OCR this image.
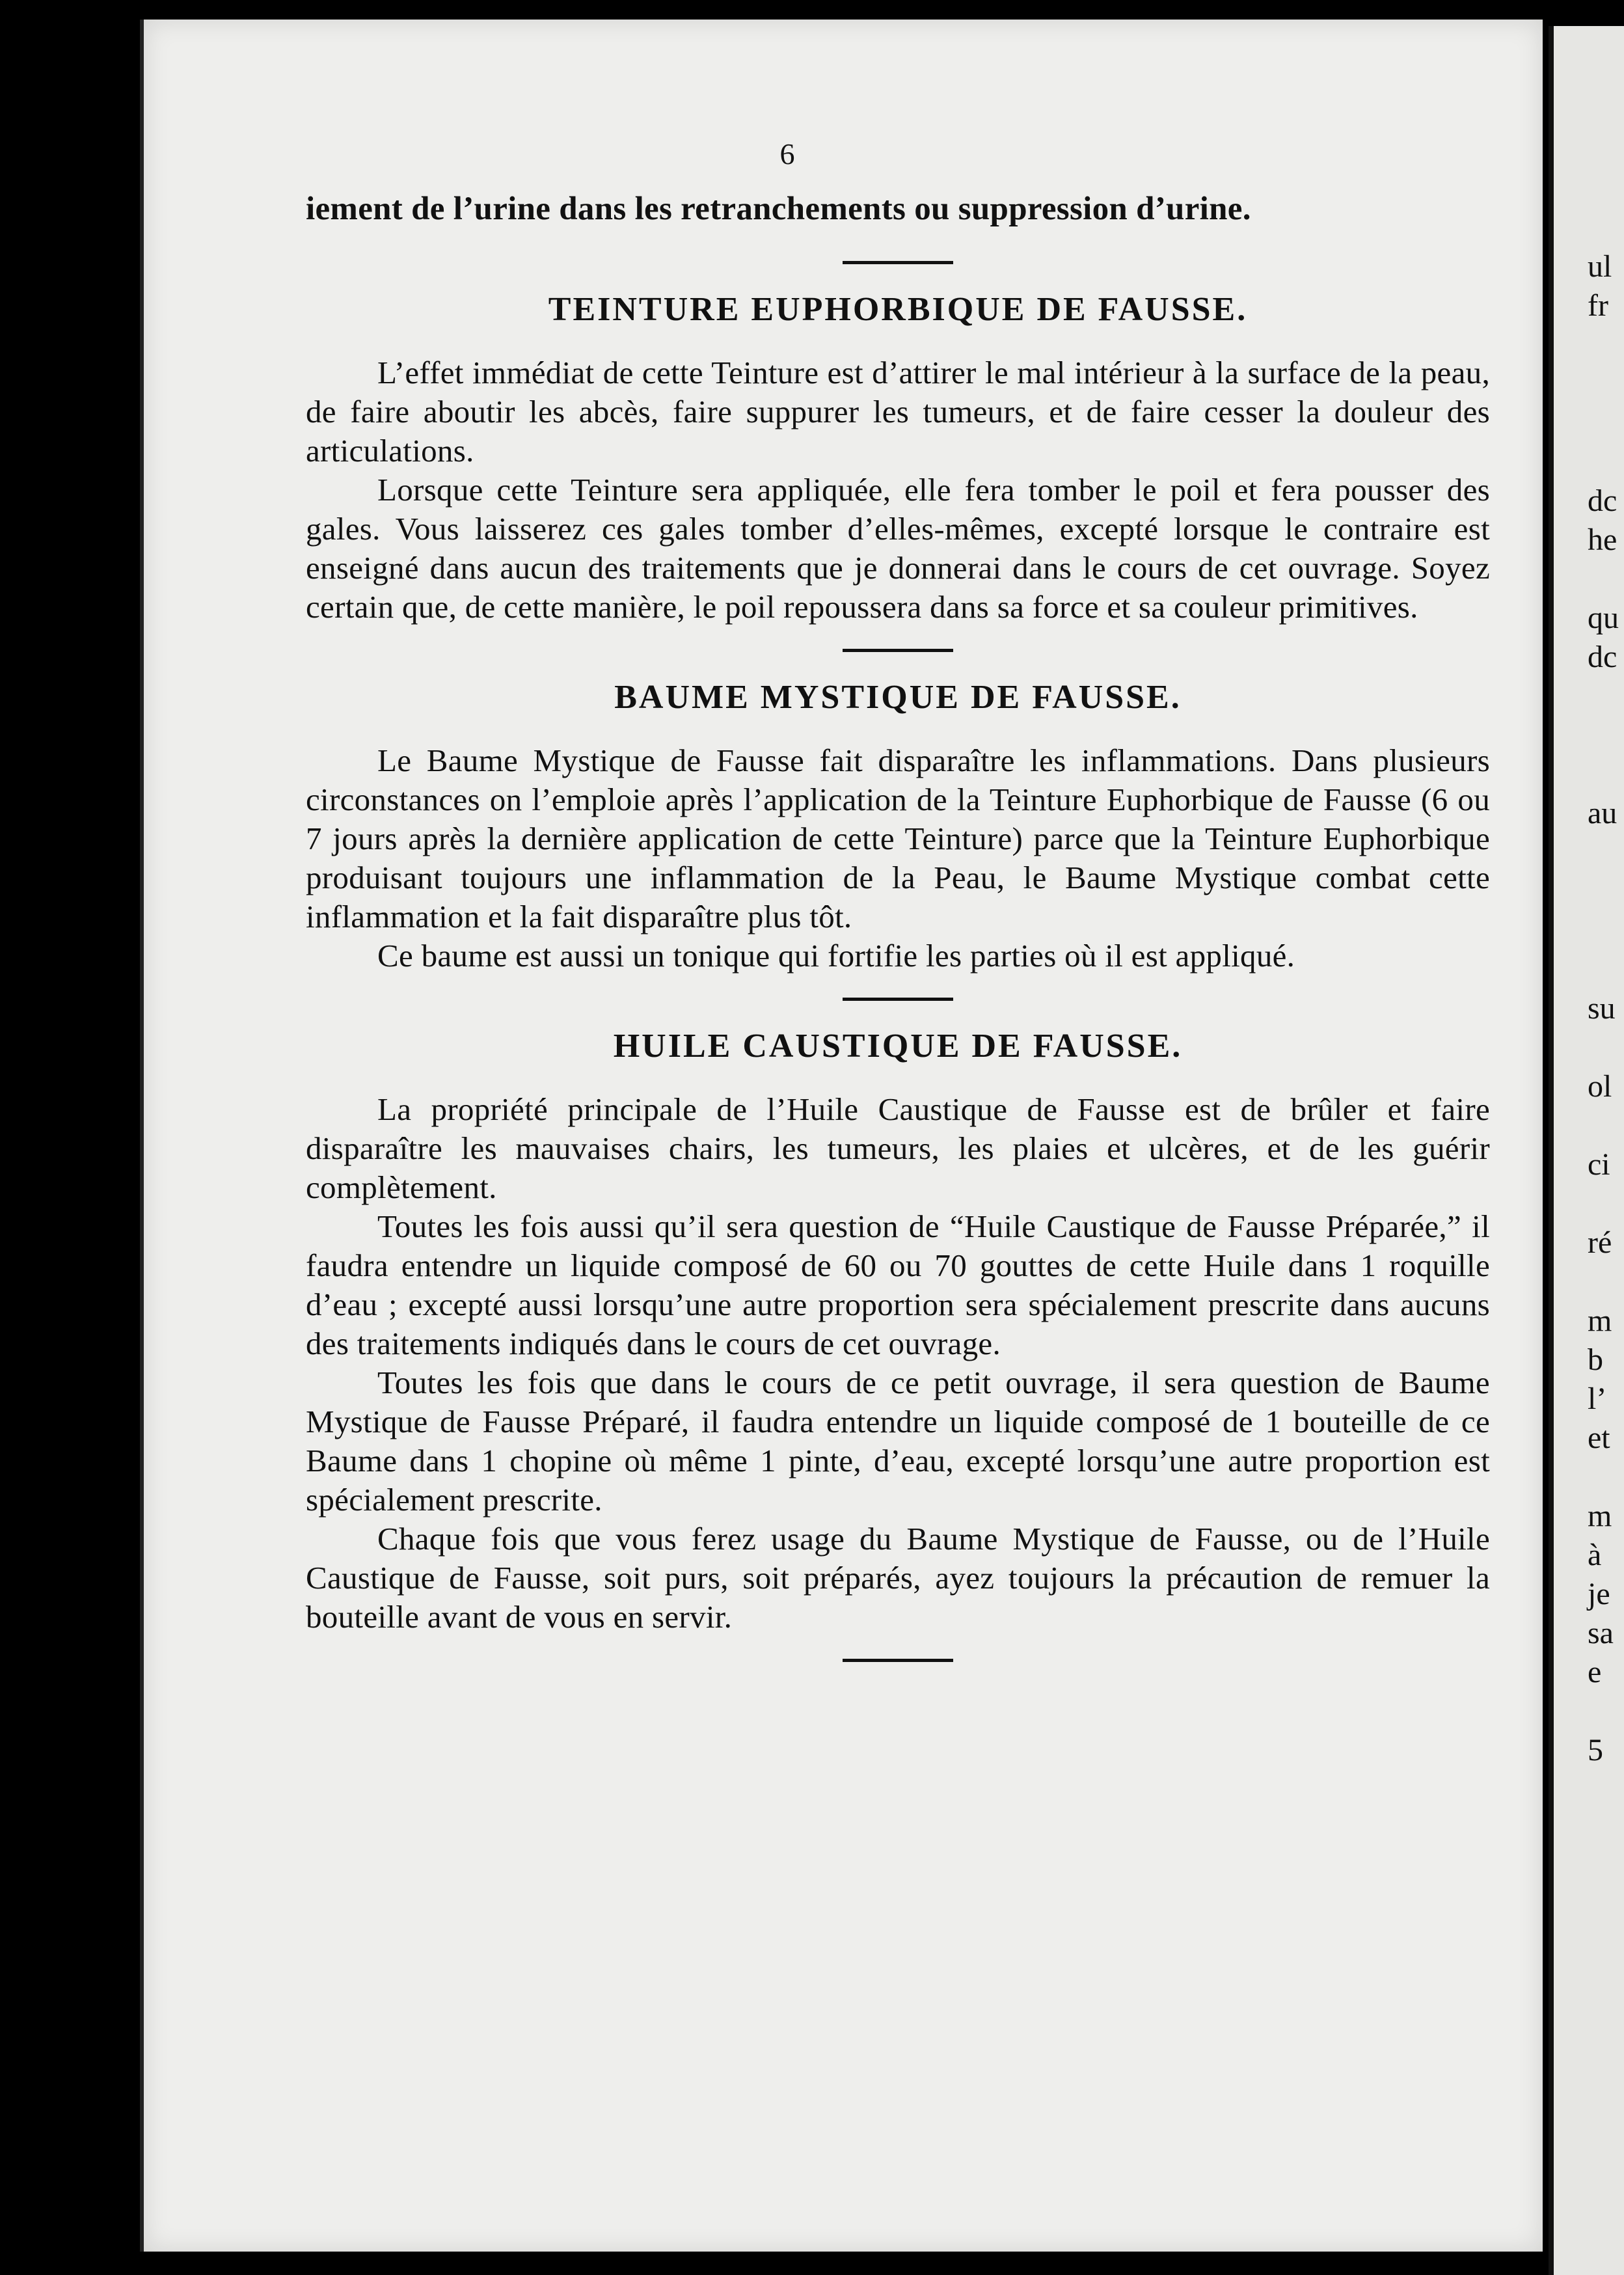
6

iement de l’urine dans les retranchements ou suppression d’urine.

TEINTURE EUPHORBIQUE DE FAUSSE.

L’effet immédiat de cette Teinture est d’attirer le mal intérieur à la surface de la peau, de faire aboutir les abcès, faire suppurer les tumeurs, et de faire cesser la douleur des articulations.

Lorsque cette Teinture sera appliquée, elle fera tomber le poil et fera pousser des gales. Vous laisserez ces gales tomber d’elles-mêmes, excepté lorsque le contraire est enseigné dans aucun des traitements que je donnerai dans le cours de cet ouvrage. Soyez certain que, de cette manière, le poil repoussera dans sa force et sa couleur primitives.

BAUME MYSTIQUE DE FAUSSE.

Le Baume Mystique de Fausse fait disparaître les inflammations. Dans plusieurs circonstances on l’emploie après l’application de la Teinture Euphorbique de Fausse (6 ou 7 jours après la dernière application de cette Teinture) parce que la Teinture Euphorbique produisant toujours une inflammation de la Peau, le Baume Mystique combat cette inflammation et la fait disparaître plus tôt.

Ce baume est aussi un tonique qui fortifie les parties où il est appliqué.

HUILE CAUSTIQUE DE FAUSSE.

La propriété principale de l’Huile Caustique de Fausse est de brûler et faire disparaître les mauvaises chairs, les tumeurs, les plaies et ulcères, et de les guérir complètement.

Toutes les fois aussi qu’il sera question de “Huile Caustique de Fausse Préparée,” il faudra entendre un liquide composé de 60 ou 70 gouttes de cette Huile dans 1 roquille d’eau ; excepté aussi lorsqu’une autre proportion sera spécialement prescrite dans aucuns des traitements indiqués dans le cours de cet ouvrage.

Toutes les fois que dans le cours de ce petit ouvrage, il sera question de Baume Mystique de Fausse Préparé, il faudra entendre un liquide composé de 1 bouteille de ce Baume dans 1 chopine où même 1 pinte, d’eau, excepté lorsqu’une autre proportion est spécialement prescrite.

Chaque fois que vous ferez usage du Baume Mystique de Fausse, ou de l’Huile Caustique de Fausse, soit purs, soit préparés, ayez toujours la précaution de remuer la bouteille avant de vous en servir.

ul
fr
dc
he
qu
dc
au
su
ol
ci
ré
m
b
l’
et
m
à
je
sa
e
5
